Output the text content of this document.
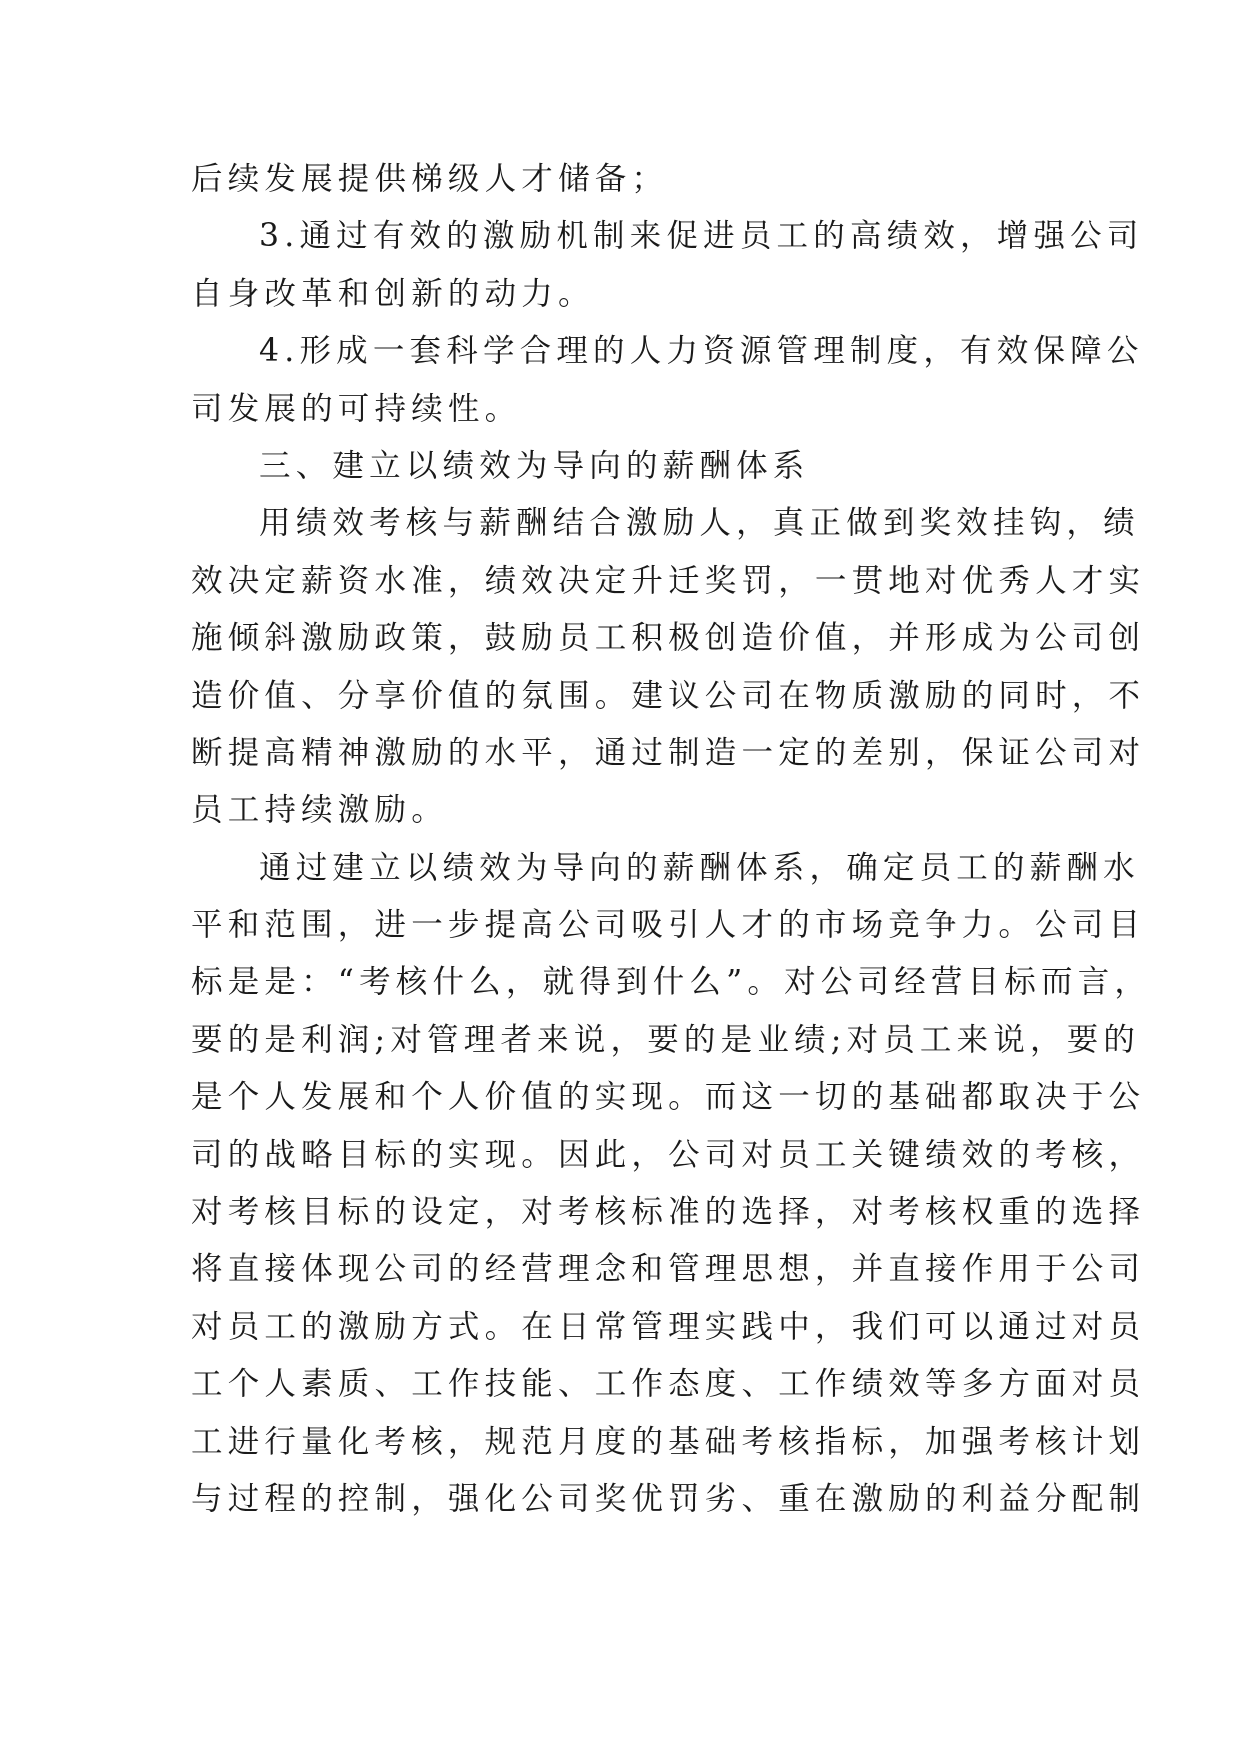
后续发展提供梯级人才储备；
3.通过有效的激励机制来促进员工的高绩效，增强公司
自身改革和创新的动力。
4.形成一套科学合理的人力资源管理制度，有效保障公
司发展的可持续性。
三、建立以绩效为导向的薪酬体系
用绩效考核与薪酬结合激励人，真正做到奖效挂钩，绩
效决定薪资水准，绩效决定升迁奖罚，一贯地对优秀人才实
施倾斜激励政策，鼓励员工积极创造价值，并形成为公司创
造价值、分享价值的氛围。建议公司在物质激励的同时，不
断提高精神激励的水平，通过制造一定的差别，保证公司对
员工持续激励。
通过建立以绩效为导向的薪酬体系，确定员工的薪酬水
平和范围，进一步提高公司吸引人才的市场竞争力。公司目
标是是：“考核什么，就得到什么”。对公司经营目标而言，
要的是利润;对管理者来说，要的是业绩;对员工来说，要的
是个人发展和个人价值的实现。而这一切的基础都取决于公
司的战略目标的实现。因此，公司对员工关键绩效的考核，
对考核目标的设定，对考核标准的选择，对考核权重的选择
将直接体现公司的经营理念和管理思想，并直接作用于公司
对员工的激励方式。在日常管理实践中，我们可以通过对员
工个人素质、工作技能、工作态度、工作绩效等多方面对员
工进行量化考核，规范月度的基础考核指标，加强考核计划
与过程的控制，强化公司奖优罚劣、重在激励的利益分配制
